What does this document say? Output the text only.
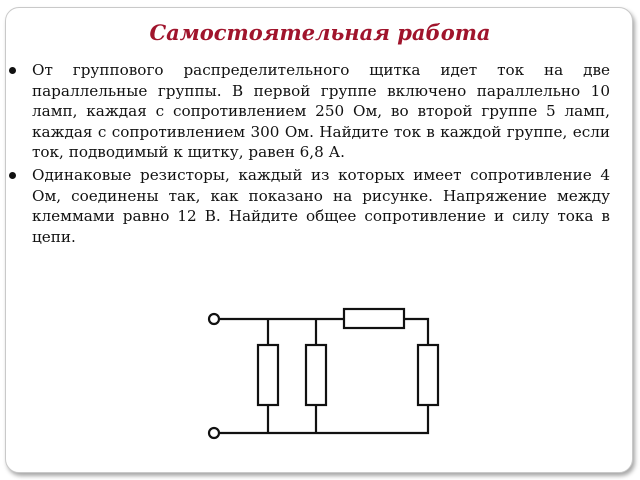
Самостоятельная работа
От группового распределительного щитка идет ток на две параллельные группы. В первой группе включено параллельно 10 ламп, каждая с сопротивлением 250 Ом, во второй группе 5 ламп, каждая с сопротивлением 300 Ом. Найдите ток в каждой группе, если ток, подводимый к щитку, равен 6,8 А.
Одинаковые резисторы, каждый из которых имеет сопротивление 4 Ом, соединены так, как показано на рисунке. Напряжение между клеммами равно 12 В. Найдите общее сопротивление и силу тока в цепи.
